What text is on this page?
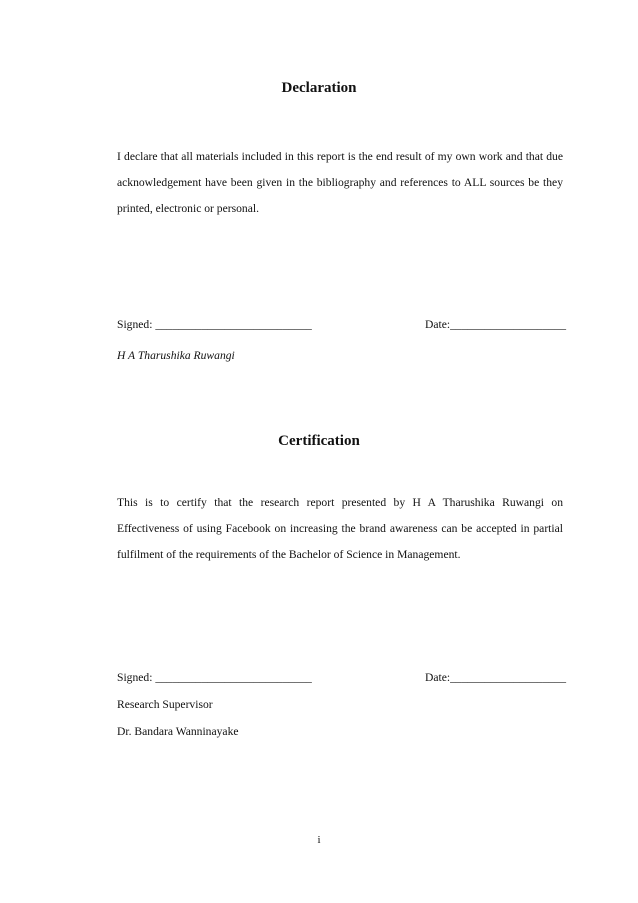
Declaration

I declare that all materials included in this report is the end result of my own work and that due acknowledgement have been given in the bibliography and references to ALL sources be they printed, electronic or personal.

Signed: ___________________________	Date:____________________
H A Tharushika Ruwangi
Certification

This is to certify that the research report presented by H A Tharushika Ruwangi on Effectiveness of using Facebook on increasing the brand awareness can be accepted in partial fulfilment of the requirements of the Bachelor of Science in Management.

Signed: ___________________________	Date:____________________
Research Supervisor
Dr. Bandara Wanninayake
i
